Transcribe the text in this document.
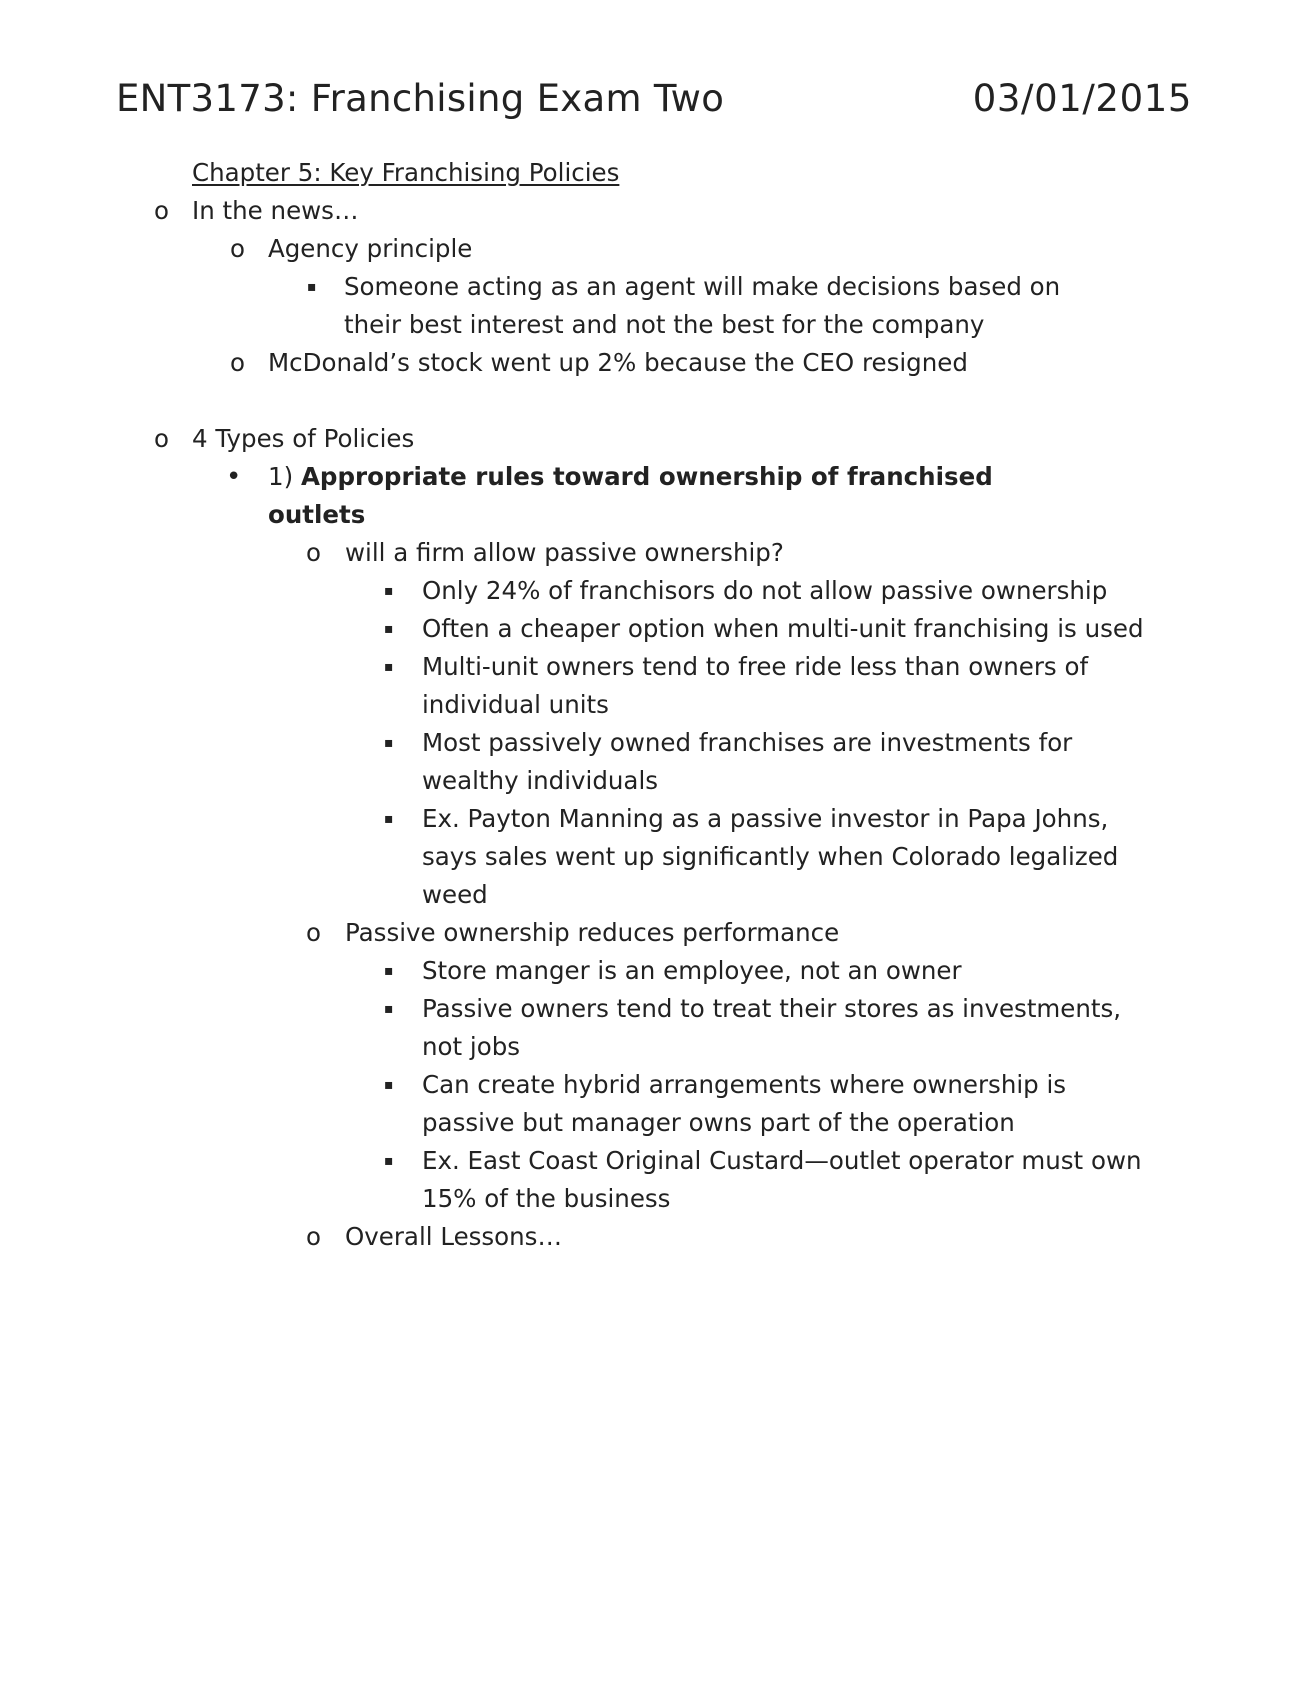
ENT3173: Franchising Exam Two	03/01/2015
Chapter 5: Key Franchising Policies
o In the news…
o Agency principle
▪ Someone acting as an agent will make decisions based on their best interest and not the best for the company
o McDonald’s stock went up 2% because the CEO resigned
o 4 Types of Policies
• 1) Appropriate rules toward ownership of franchised outlets
o will a firm allow passive ownership?
▪ Only 24% of franchisors do not allow passive ownership
▪ Often a cheaper option when multi-unit franchising is used
▪ Multi-unit owners tend to free ride less than owners of individual units
▪ Most passively owned franchises are investments for wealthy individuals
▪ Ex. Payton Manning as a passive investor in Papa Johns, says sales went up significantly when Colorado legalized weed
o Passive ownership reduces performance
▪ Store manger is an employee, not an owner
▪ Passive owners tend to treat their stores as investments, not jobs
▪ Can create hybrid arrangements where ownership is passive but manager owns part of the operation
▪ Ex. East Coast Original Custard—outlet operator must own 15% of the business
o Overall Lessons…
